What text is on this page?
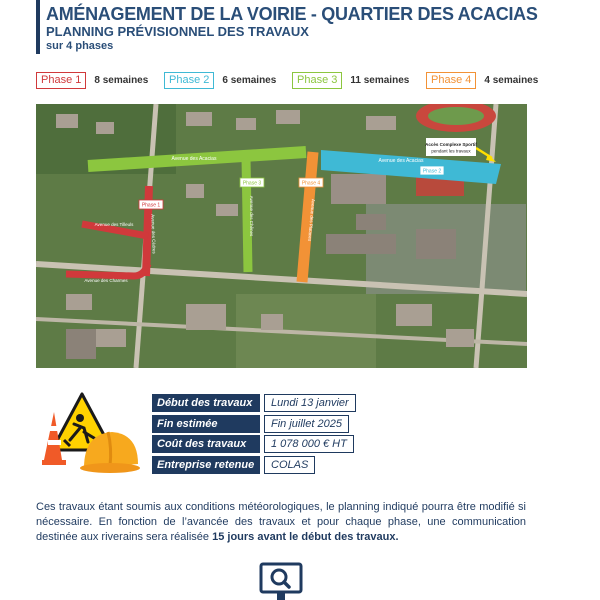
AMÉNAGEMENT DE LA VOIRIE - QUARTIER DES ACACIAS
PLANNING PRÉVISIONNEL DES TRAVAUX
sur 4 phases
Phase 1	8 semaines	Phase 2	6 semaines	Phase 3	11 semaines	Phase 4	4 semaines
Avenue des Acacias	Avenue des Acacias
Avenue des Tilleuls	Avenue des Cèdres
Avenue des Charmes
Avenue des Chênes	Avenue des Platanes
Phase 1
Phase 2
Phase 3	Phase 4
Accès Complexe Sportif
pendant les travaux
Début des travaux	Lundi 13 janvier
Fin estimée	Fin juillet 2025
Coût des travaux	1 078 000 € HT
Entreprise retenue	COLAS

Ces travaux étant soumis aux conditions météorologiques, le planning indiqué pourra être modifié si nécessaire. En fonction de l’avancée des travaux et pour chaque phase, une communication destinée aux riverains sera réalisée 15 jours avant le début des travaux.
